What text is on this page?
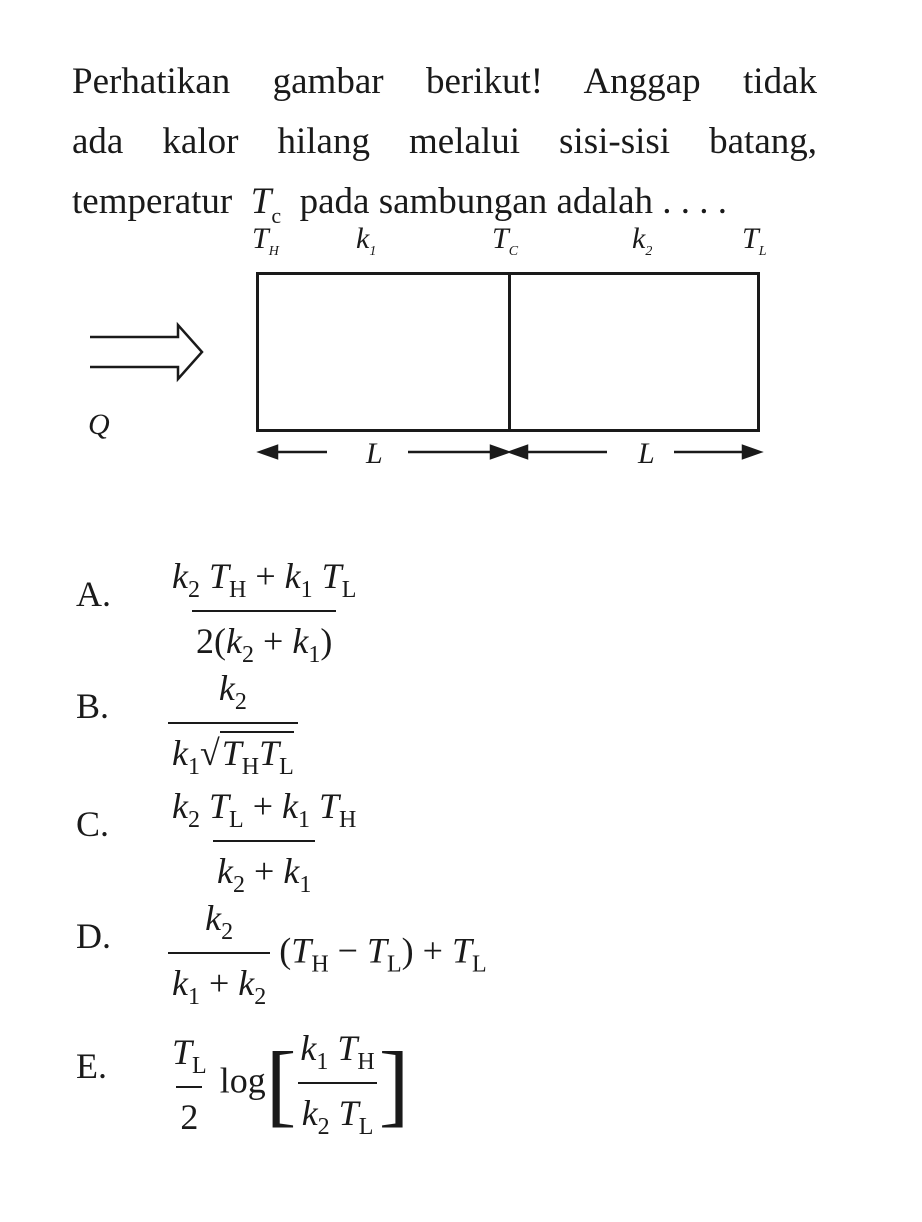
Perhatikan gambar berikut! Anggap tidak
ada kalor hilang melalui sisi-sisi batang,
temperatur $T_c$ pada sambungan adalah . . . .
$T_H$	$k_1$	$T_C$	$k_2$	$T_L$
Q
L	L
A. $\frac{k_2 T_H + k_1 T_L}{2(k_2 + k_1)}$
B. $\frac{k_2}{k_1√T_HT_L}$
C. $\frac{k_2 T_L + k_1 T_H}{k_2 + k_1}$
D. $\frac{k_2}{k_1 + k_2} (T_H - T_L) + T_L$
E. $\frac{T_L}{2} \log[ \frac{k_1 T_H}{k_2 T_L}$ ]
